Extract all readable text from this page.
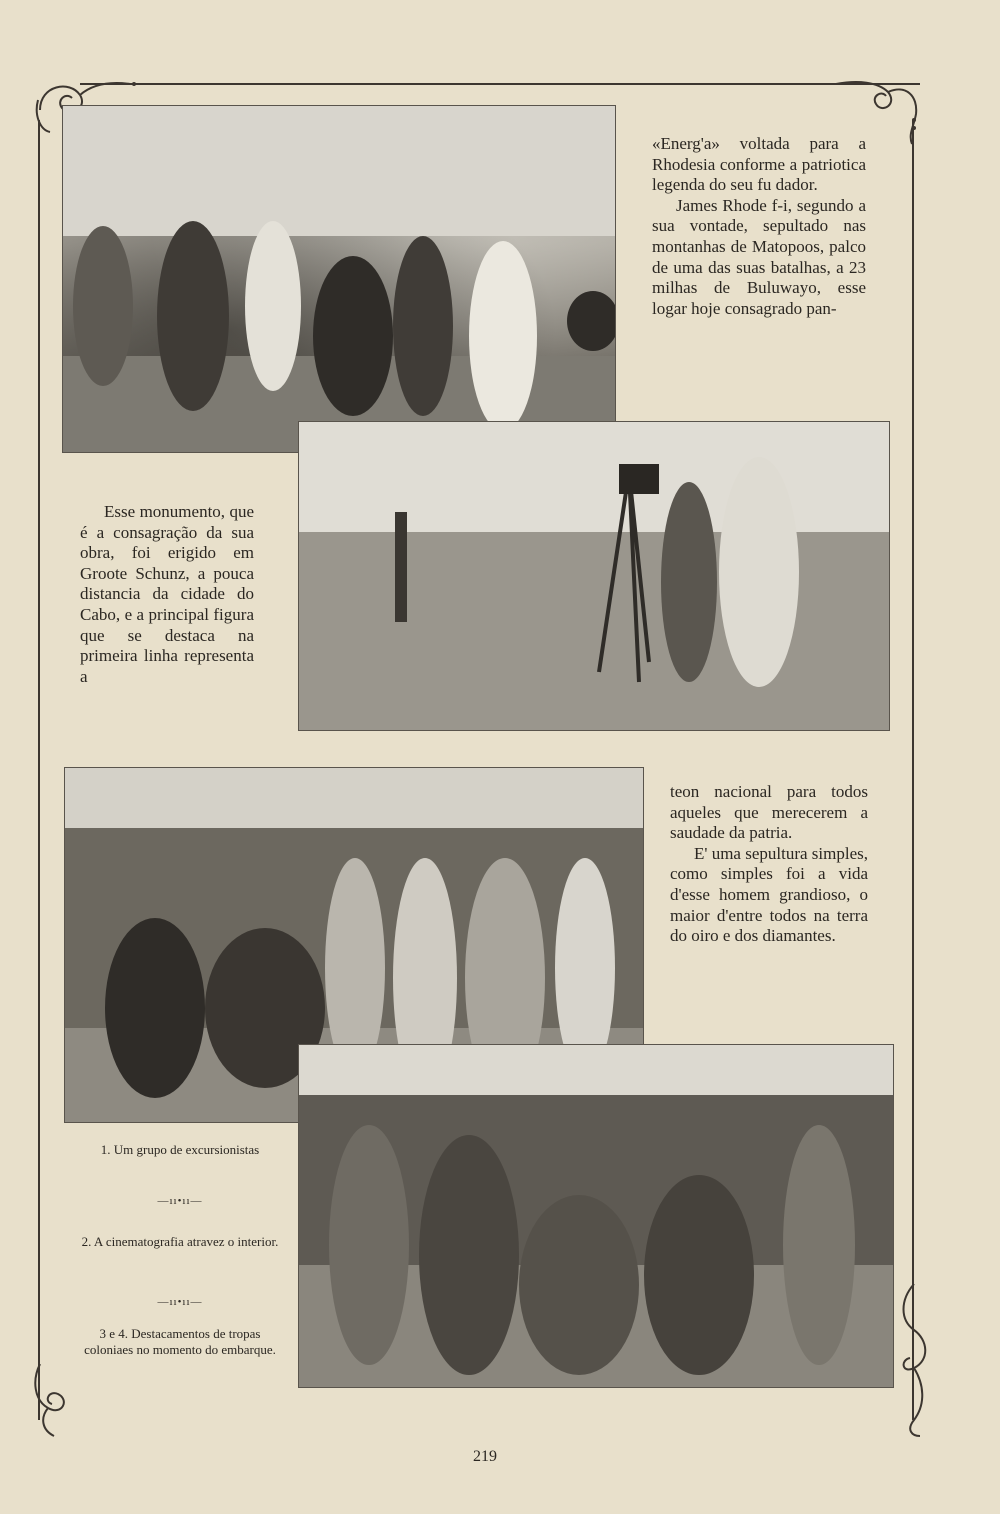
«Energ'a» voltada para a Rhodesia conforme a patriotica legenda do seu fu dador.

James Rhode f-i, segundo a sua vontade, sepultado nas montanhas de Matopoos, palco de uma das suas batalhas, a 23 milhas de Buluwayo, esse logar hoje consagrado pan-

Esse monumento, que é a consagração da sua obra, foi erigido em Groote Schunz, a pouca distancia da cidade do Cabo, e a principal figura que se destaca na primeira linha representa a

teon nacional para todos aqueles que merecerem a saudade da patria.

E' uma sepultura simples, como simples foi a vida d'esse homem grandioso, o maior d'entre todos na terra do oiro e dos diamantes.

1. Um grupo de excursionistas
—ıı•ıı—
2. A cinematografia atravez o interior.
—ıı•ıı—
3 e 4. Destacamentos de tropas coloniaes no momento do embarque.
219
